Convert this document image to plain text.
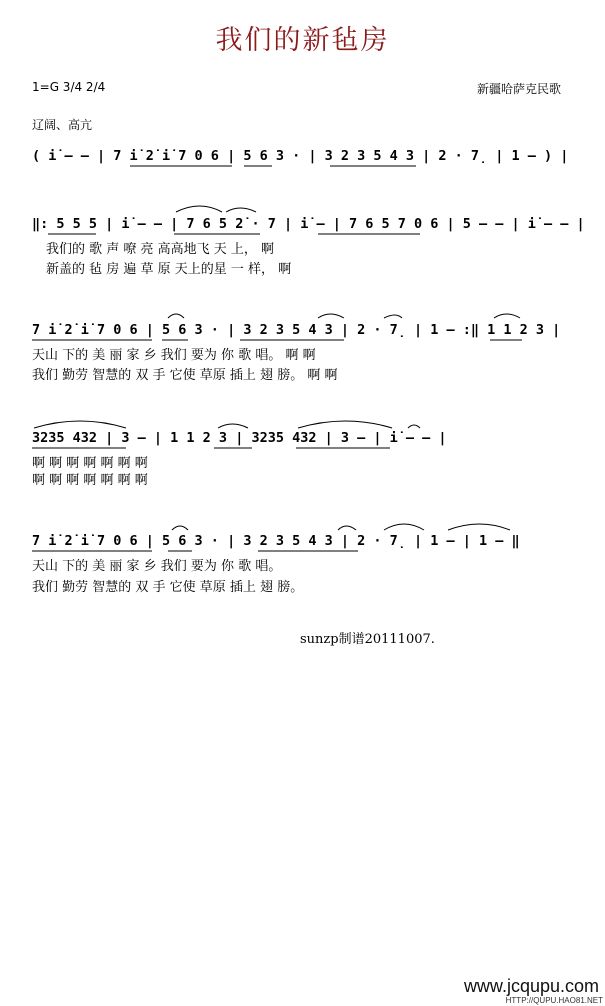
我们的新毡房
1=G 3/4 2/4	新疆哈萨克民歌
辽阔、高亢
( i̇ – – | 7 i̇ 2̇ i̇ 7 0 6 | 5 6 3 · | 3 2 3 5 4 3 | 2 · 7̣ | 1 – ) |
‖: 5 5 5 | i̇ – – | 7 6 5 2̇ · 7 | i̇ – | 7 6 5 7 0 6 | 5 – – | i̇ – – |
我们的 歌 声 嘹 亮 高高地飞 天 上， 啊
新盖的 毡 房 遍 草 原 天上的星 一 样， 啊
7 i̇ 2̇ i̇ 7 0 6 | 5 6 3 · | 3 2 3 5 4 3 | 2 · 7̣ | 1 – :‖ 1 1 2 3 |
天山 下的 美 丽 家 乡 我们 要为 你 歌 唱。 啊 啊
我们 勤劳 智慧的 双 手 它使 草原 插上 翅 膀。 啊 啊
3235 432 | 3 – | 1 1 2 3 | 3235 432 | 3 – | i̇ – – |
啊 啊 啊 啊 啊 啊 啊
啊 啊 啊 啊 啊 啊 啊
7 i̇ 2̇ i̇ 7 0 6 | 5 6 3 · | 3 2 3 5 4 3 | 2 · 7̣ | 1 – | 1 – ‖
天山 下的 美 丽 家 乡 我们 要为 你 歌 唱。
我们 勤劳 智慧的 双 手 它使 草原 插上 翅 膀。
sunzp制谱20111007.
www.jcqupu.com
HTTP://QUPU.HAO81.NET
